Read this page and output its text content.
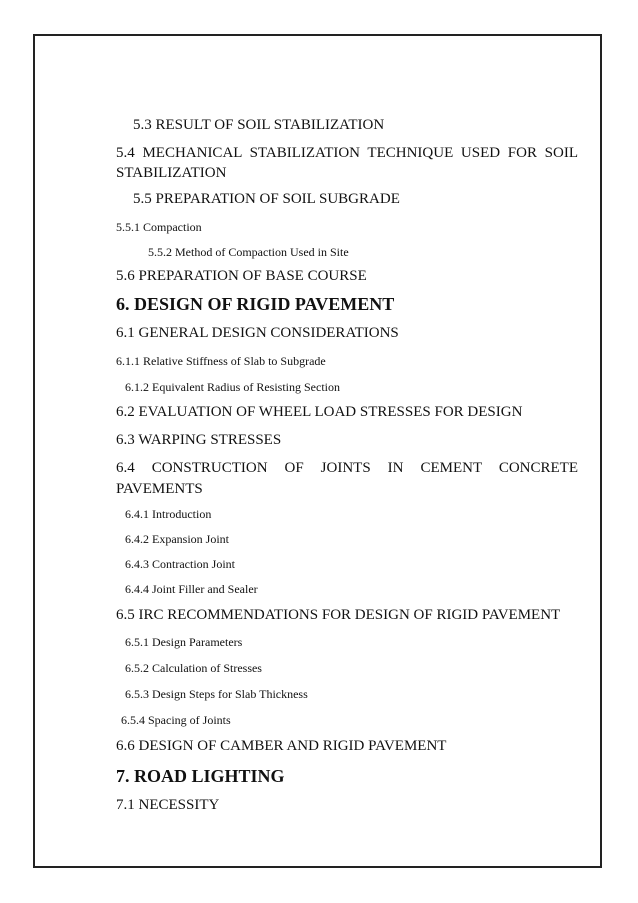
5.3 RESULT OF SOIL STABILIZATION
5.4 MECHANICAL STABILIZATION TECHNIQUE USED FOR SOIL STABILIZATION
5.5 PREPARATION OF SOIL SUBGRADE
5.5.1 Compaction
5.5.2 Method of Compaction Used in Site
5.6 PREPARATION OF BASE COURSE
6. DESIGN OF RIGID PAVEMENT
6.1 GENERAL DESIGN CONSIDERATIONS
6.1.1 Relative Stiffness of Slab to Subgrade
6.1.2 Equivalent Radius of Resisting Section
6.2 EVALUATION OF WHEEL LOAD STRESSES FOR DESIGN
6.3 WARPING STRESSES
6.4 CONSTRUCTION OF JOINTS IN CEMENT CONCRETE PAVEMENTS
6.4.1 Introduction
6.4.2 Expansion Joint
6.4.3 Contraction Joint
6.4.4 Joint Filler and Sealer
6.5 IRC RECOMMENDATIONS FOR DESIGN OF RIGID PAVEMENT
6.5.1 Design Parameters
6.5.2 Calculation of Stresses
6.5.3 Design Steps for Slab Thickness
6.5.4 Spacing of Joints
6.6 DESIGN OF CAMBER AND RIGID PAVEMENT
7. ROAD LIGHTING
7.1 NECESSITY
